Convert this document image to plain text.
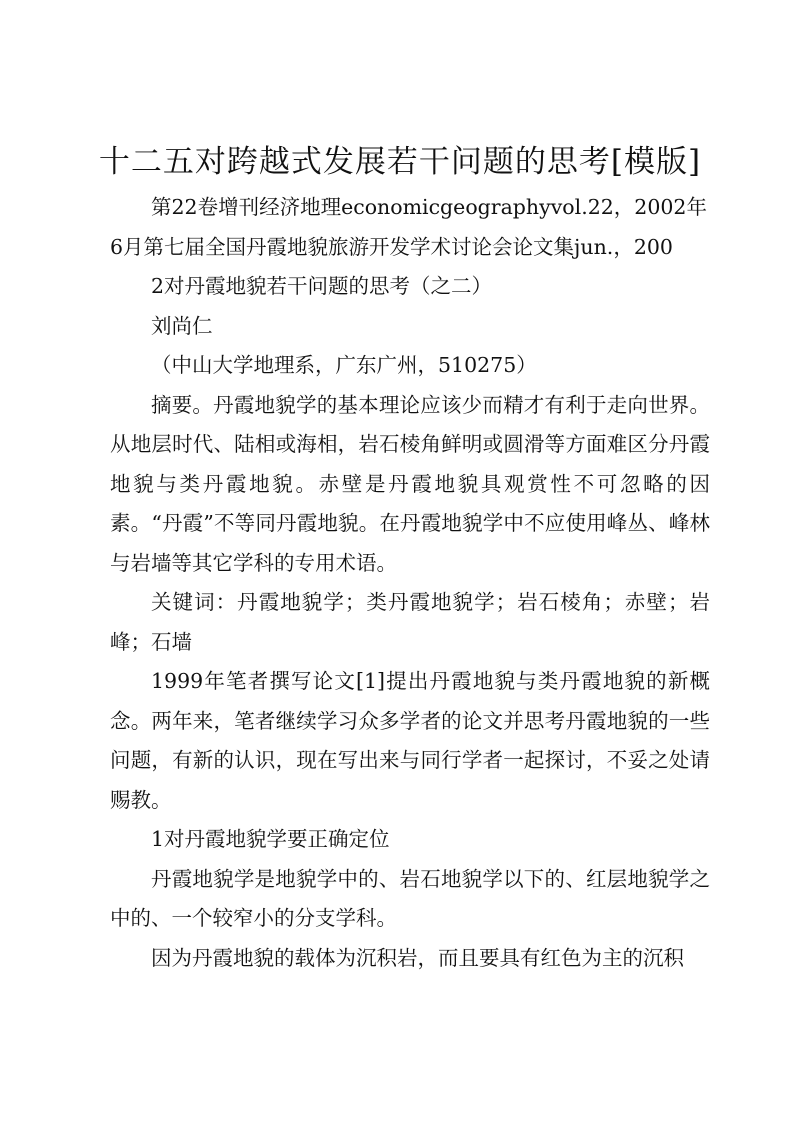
十二五对跨越式发展若干问题的思考[模版]

第22卷增刊经济地理economicgeographyvol.22，2002年

6月第七届全国丹霞地貌旅游开发学术讨论会论文集jun.，200

2对丹霞地貌若干问题的思考（之二）

刘尚仁

（中山大学地理系，广东广州，510275）

摘要。丹霞地貌学的基本理论应该少而精才有利于走向世界。从地层时代、陆相或海相，岩石棱角鲜明或圆滑等方面难区分丹霞地貌与类丹霞地貌。赤壁是丹霞地貌具观赏性不可忽略的因素。“丹霞”不等同丹霞地貌。在丹霞地貌学中不应使用峰丛、峰林与岩墙等其它学科的专用术语。

关键词：丹霞地貌学；类丹霞地貌学；岩石棱角；赤壁；岩峰；石墙

1999年笔者撰写论文[1]提出丹霞地貌与类丹霞地貌的新概念。两年来，笔者继续学习众多学者的论文并思考丹霞地貌的一些问题，有新的认识，现在写出来与同行学者一起探讨，不妥之处请赐教。

1对丹霞地貌学要正确定位

丹霞地貌学是地貌学中的、岩石地貌学以下的、红层地貌学之中的、一个较窄小的分支学科。

因为丹霞地貌的载体为沉积岩，而且要具有红色为主的沉积
